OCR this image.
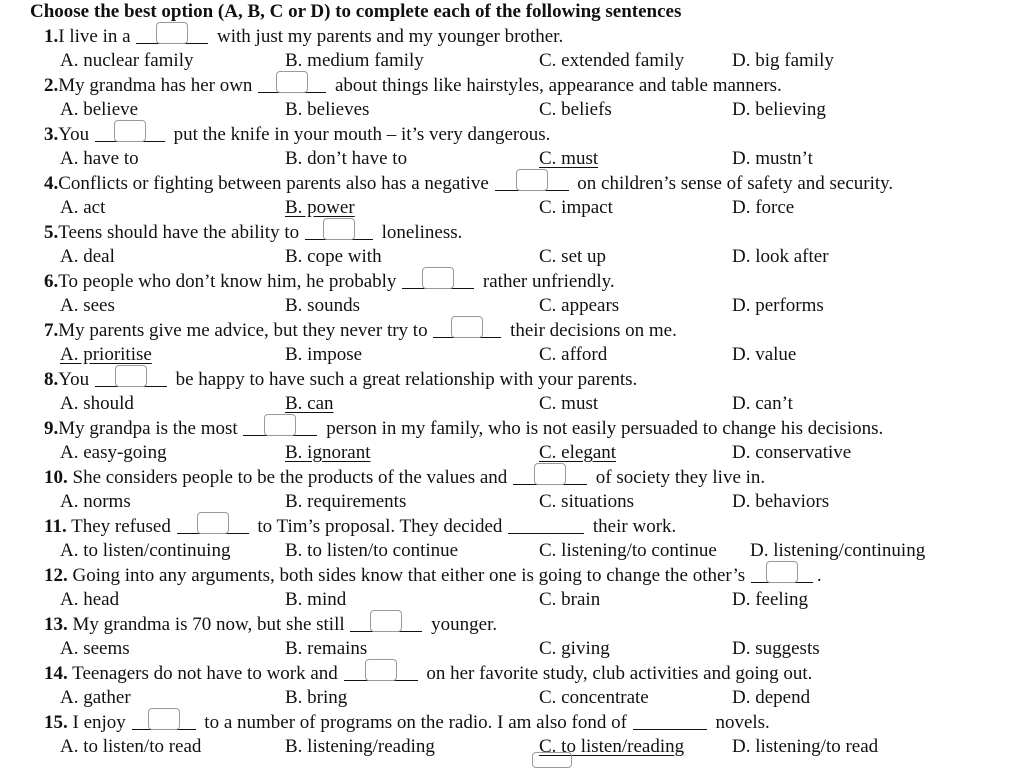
Choose the best option (A, B, C or D) to complete each of the following sentences
1.I live in a	with just my parents and my younger brother.
A. nuclear family	B. medium family	C. extended family	D. big family
2.My grandma has her own	about things like hairstyles, appearance and table manners.
A. believe	B. believes	C. beliefs	D. believing
3.You	put the knife in your mouth – it’s very dangerous.
A. have to	B. don’t have to	C. must	D. mustn’t
4.Conflicts or fighting between parents also has a negative	on children’s sense of safety and security.
A. act	B. power	C. impact	D. force
5.Teens should have the ability to	loneliness.
A. deal	B. cope with	C. set up	D. look after
6.To people who don’t know him, he probably	rather unfriendly.
A. sees	B. sounds	C. appears	D. performs
7.My parents give me advice, but they never try to	their decisions on me.
A. prioritise	B. impose	C. afford	D. value
8.You	be happy to have such a great relationship with your parents.
A. should	B. can	C. must	D. can’t
9.My grandpa is the most	person in my family, who is not easily persuaded to change his decisions.
A. easy-going	B. ignorant	C. elegant	D. conservative
10. She considers people to be the products of the values and	of society they live in.
A. norms	B. requirements	C. situations	D. behaviors
11. They refused	to Tim’s proposal. They decided	their work.
A. to listen/continuing	B. to listen/to continue	C. listening/to continue D. listening/continuing
12. Going into any arguments, both sides know that either one is going to change the other’s	.
A. head	B. mind	C. brain	D. feeling
13. My grandma is 70 now, but she still	younger.
A. seems	B. remains	C. giving	D. suggests
14. Teenagers do not have to work and	on her favorite study, club activities and going out.
A. gather	B. bring	C. concentrate	D. depend
15. I enjoy	to a number of programs on the radio. I am also fond of	novels.
A. to listen/to read	B. listening/reading	C. to listen/reading	D. listening/to read
